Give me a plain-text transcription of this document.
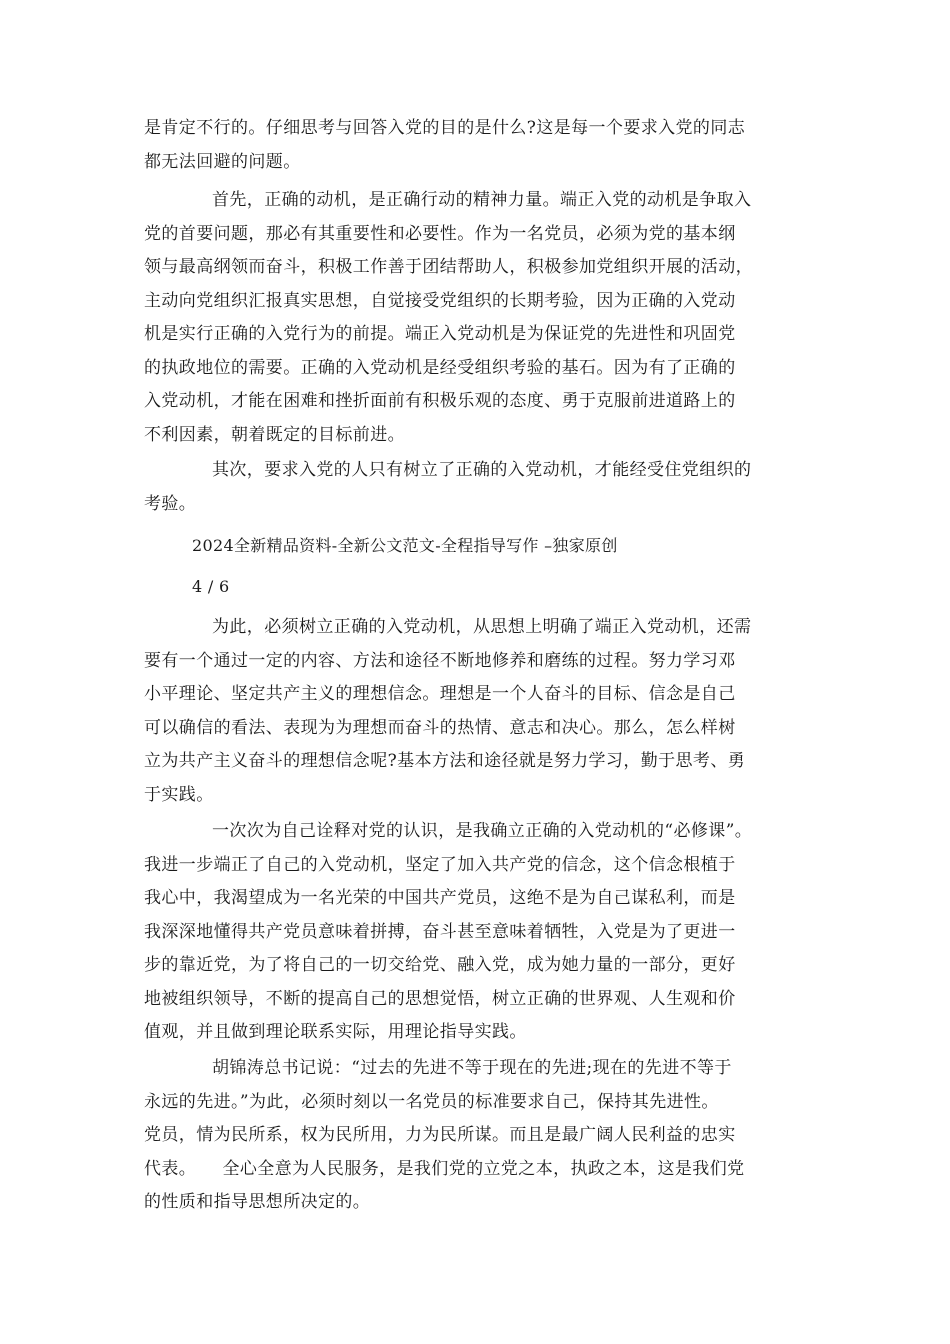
是肯定不行的。仔细思考与回答入党的目的是什么?这是每一个要求入党的同志
都无法回避的问题。
首先，正确的动机，是正确行动的精神力量。端正入党的动机是争取入
党的首要问题，那必有其重要性和必要性。作为一名党员，必须为党的基本纲
领与最高纲领而奋斗，积极工作善于团结帮助人，积极参加党组织开展的活动，
主动向党组织汇报真实思想，自觉接受党组织的长期考验，因为正确的入党动
机是实行正确的入党行为的前提。端正入党动机是为保证党的先进性和巩固党
的执政地位的需要。正确的入党动机是经受组织考验的基石。因为有了正确的
入党动机，才能在困难和挫折面前有积极乐观的态度、勇于克服前进道路上的
不利因素，朝着既定的目标前进。
其次，要求入党的人只有树立了正确的入党动机，才能经受住党组织的
考验。
2024全新精品资料-全新公文范文-全程指导写作 –独家原创
4 / 6
为此，必须树立正确的入党动机，从思想上明确了端正入党动机，还需
要有一个通过一定的内容、方法和途径不断地修养和磨练的过程。努力学习邓
小平理论、坚定共产主义的理想信念。理想是一个人奋斗的目标、信念是自己
可以确信的看法、表现为为理想而奋斗的热情、意志和决心。那么，怎么样树
立为共产主义奋斗的理想信念呢?基本方法和途径就是努力学习，勤于思考、勇
于实践。
一次次为自己诠释对党的认识，是我确立正确的入党动机的“必修课”。
我进一步端正了自己的入党动机，坚定了加入共产党的信念，这个信念根植于
我心中，我渴望成为一名光荣的中国共产党员，这绝不是为自己谋私利，而是
我深深地懂得共产党员意味着拼搏，奋斗甚至意味着牺牲，入党是为了更进一
步的靠近党，为了将自己的一切交给党、融入党，成为她力量的一部分，更好
地被组织领导，不断的提高自己的思想觉悟，树立正确的世界观、人生观和价
值观，并且做到理论联系实际，用理论指导实践。
胡锦涛总书记说：“过去的先进不等于现在的先进;现在的先进不等于
永远的先进。”为此，必须时刻以一名党员的标准要求自己，保持其先进性。
党员，情为民所系，权为民所用，力为民所谋。而且是最广阔人民利益的忠实
代表。　　全心全意为人民服务，是我们党的立党之本，执政之本，这是我们党
的性质和指导思想所决定的。
